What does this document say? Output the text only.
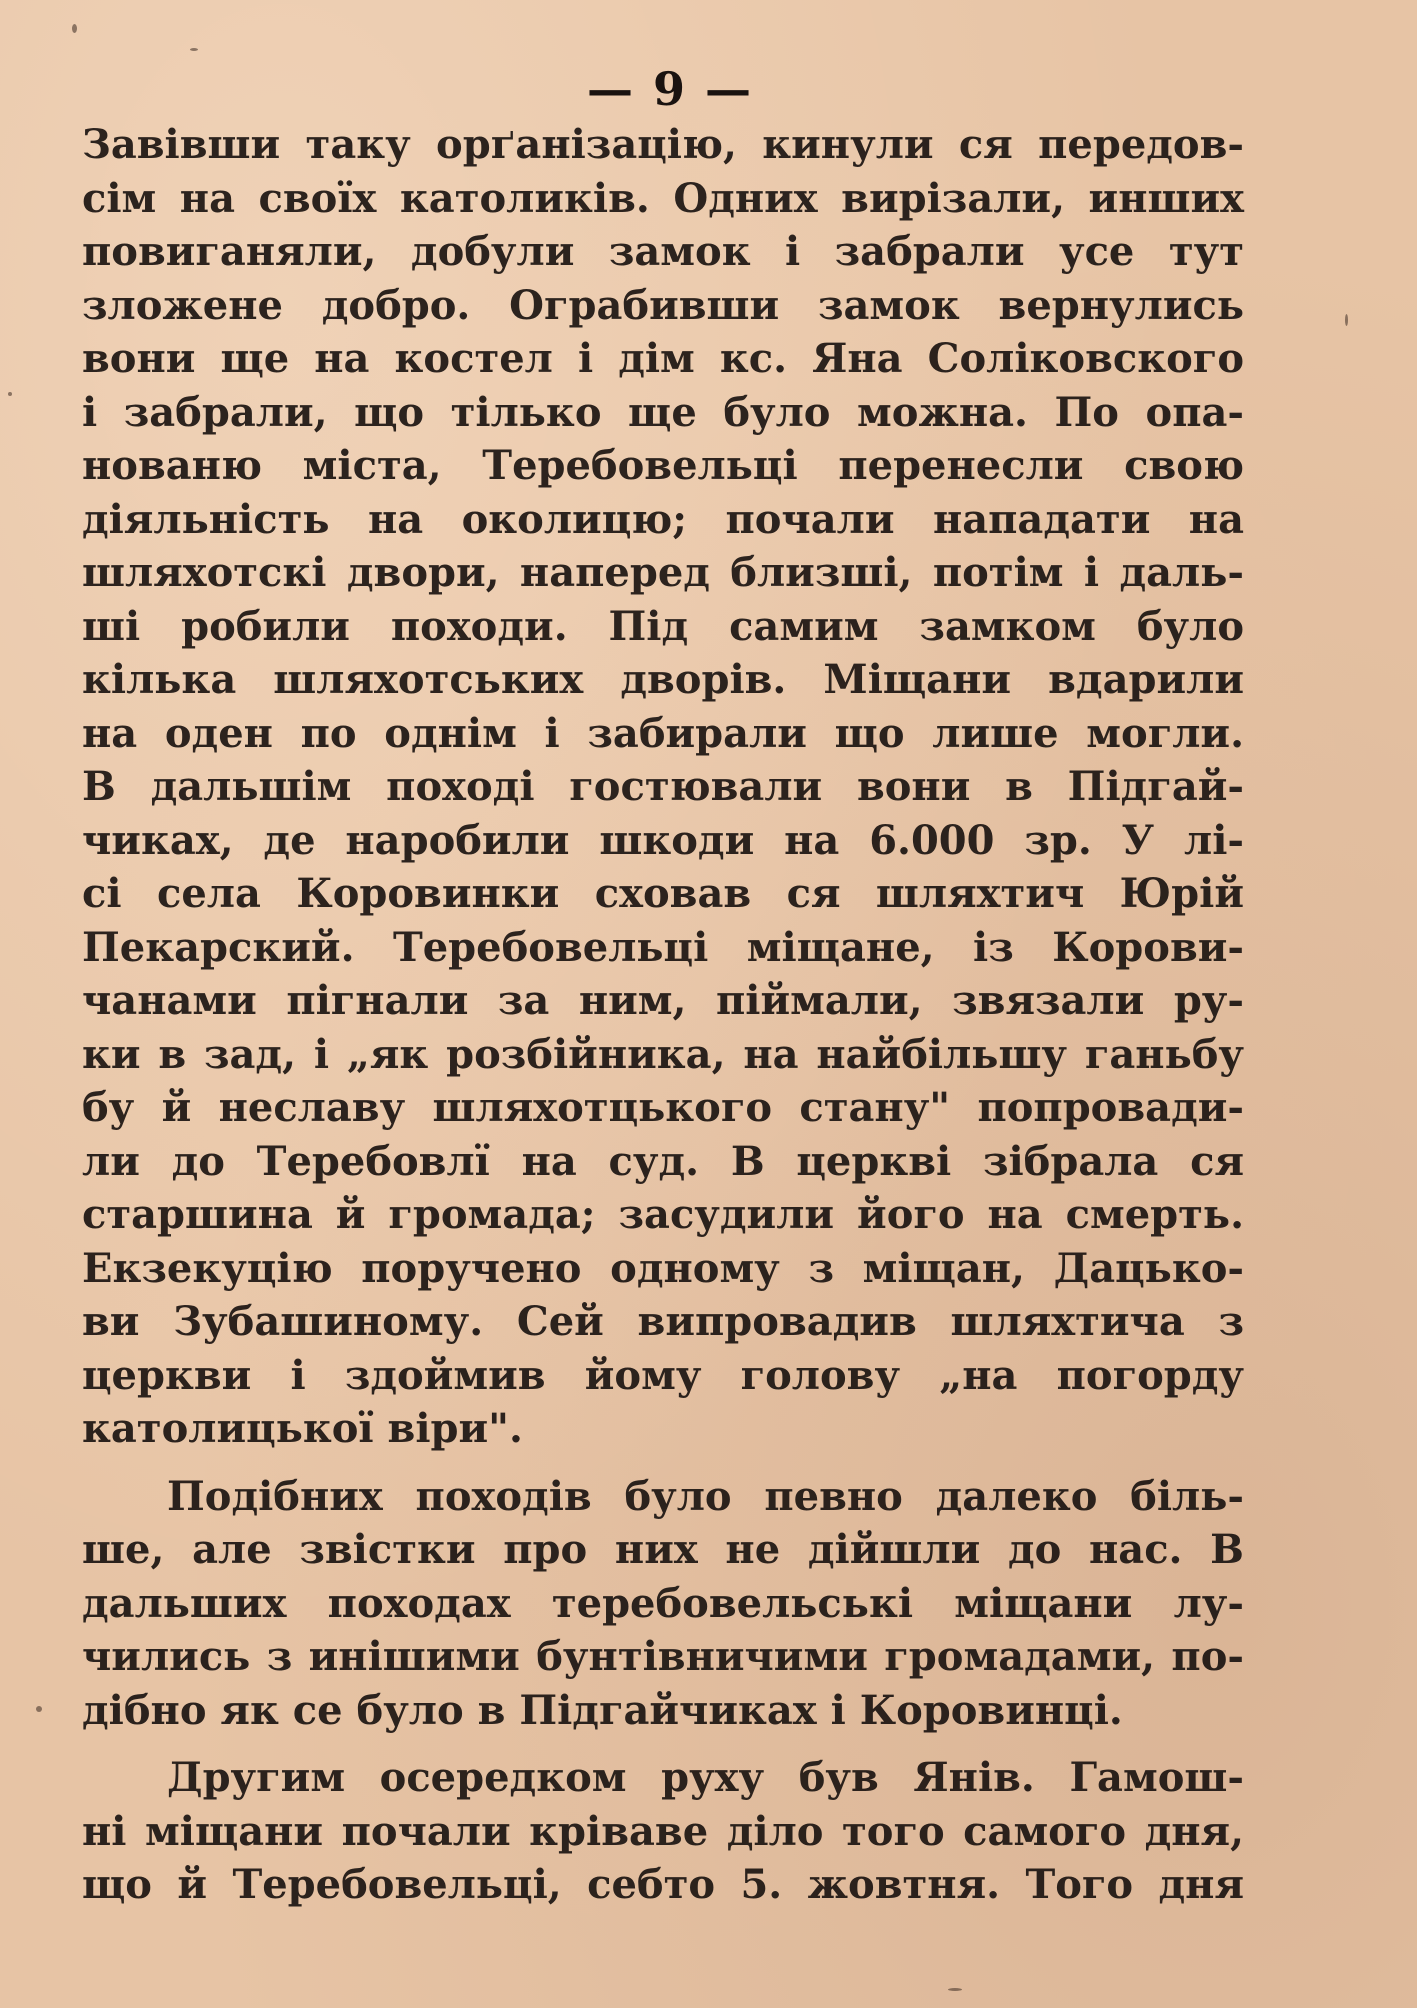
— 9 —
Завівши таку орґанізацію, кинули ся передов-
сім на своїх католиків. Одних вирізали, инших
повиганяли, добули замок і забрали усе тут
зложене добро. Ограбивши замок вернулись
вони ще на костел і дім кс. Яна Соліковского
і забрали, що тілько ще було можна. По опа-
нованю міста, Теребовельці перенесли свою
діяльність на околицю; почали нападати на
шляхотскі двори, наперед близші, потім і даль-
ші робили походи. Під самим замком було
кілька шляхотських дворів. Міщани вдарили
на оден по однім і забирали що лише могли.
В дальшім поході гостювали вони в Підгай-
чиках, де наробили шкоди на 6.000 зр. У лі-
сі села Коровинки сховав ся шляхтич Юрій
Пекарский. Теребовельці міщане, із Корови-
чанами пігнали за ним, піймали, звязали ру-
ки в зад, і „як розбійника, на найбільшу ганьбу
бу й неславу шляхотцького стану" попровади-
ли до Теребовлї на суд. В церкві зібрала ся
старшина й громада; засудили його на смерть.
Екзекуцію поручено одному з міщан, Дацько-
ви Зубашиному. Сей випровадив шляхтича з
церкви і здоймив йому голову „на погорду
католицької віри".
Подібних походів було певно далеко біль-
ше, але звістки про них не дійшли до нас. В
дальших походах теребовельські міщани лу-
чились з инішими бунтівничими громадами, по-
дібно як се було в Підгайчиках і Коровинці.
Другим осередком руху був Янів. Гамош-
ні міщани почали кріваве діло того самого дня,
що й Теребовельці, себто 5. жовтня. Того дня
